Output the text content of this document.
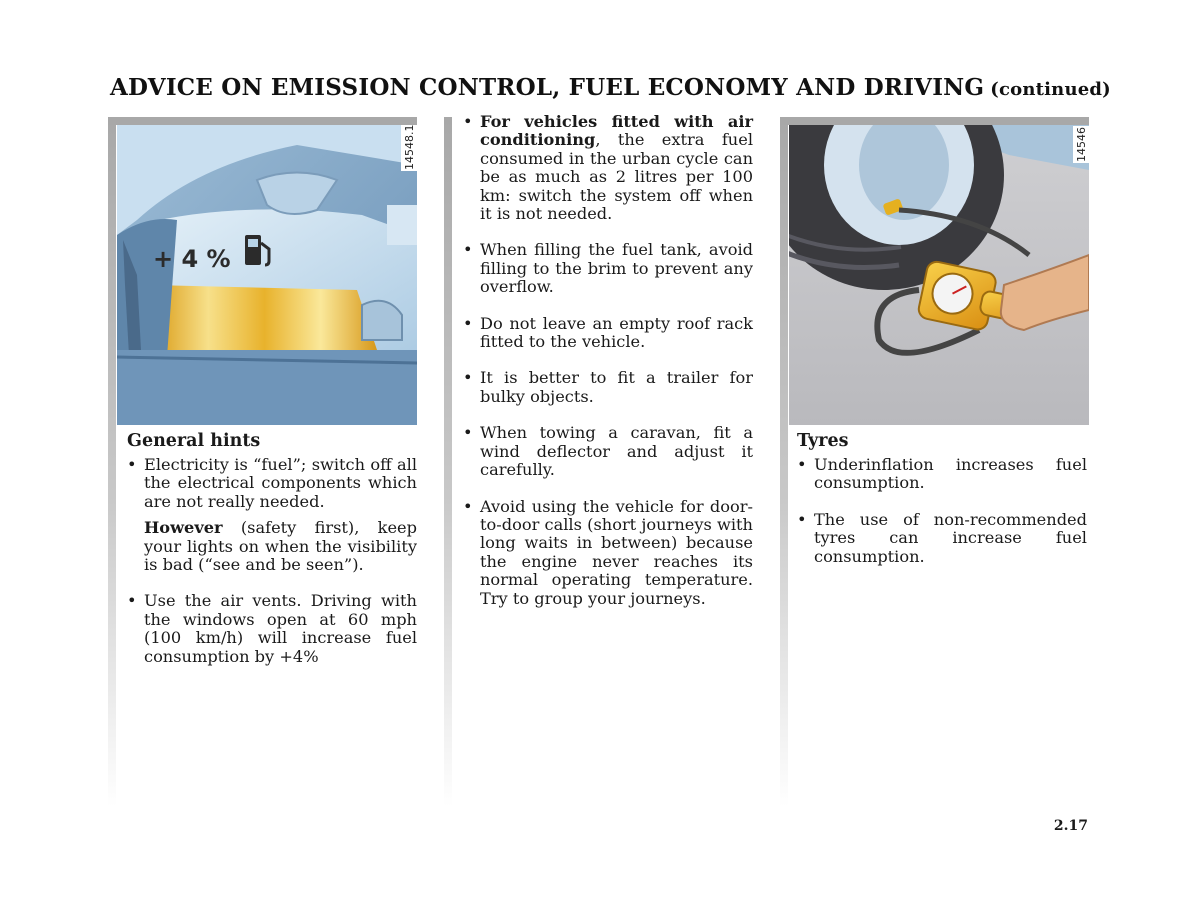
ADVICE ON EMISSION CONTROL, FUEL ECONOMY AND DRIVING (continued)
+ 4 %
14548.1	14546
General hints
• Electricity is “fuel”; switch off all the electrical components which are not really needed.
However (safety first), keep your lights on when the visibility is bad (“see and be seen”).
• Use the air vents. Driving with the windows open at 60 mph (100 km/h) will increase fuel consumption by +4%
• For vehicles fitted with air conditioning, the extra fuel consumed in the urban cycle can be as much as 2 litres per 100 km: switch the system off when it is not needed.
• When filling the fuel tank, avoid filling to the brim to prevent any overflow.
• Do not leave an empty roof rack fitted to the vehicle.
• It is better to fit a trailer for bulky objects.
• When towing a caravan, fit a wind deflector and adjust it carefully.
• Avoid using the vehicle for door-to-door calls (short journeys with long waits in between) because the engine never reaches its normal operating temperature. Try to group your journeys.
Tyres
• Underinflation increases fuel consumption.
• The use of non-recommended tyres can increase fuel consumption.
2.17
